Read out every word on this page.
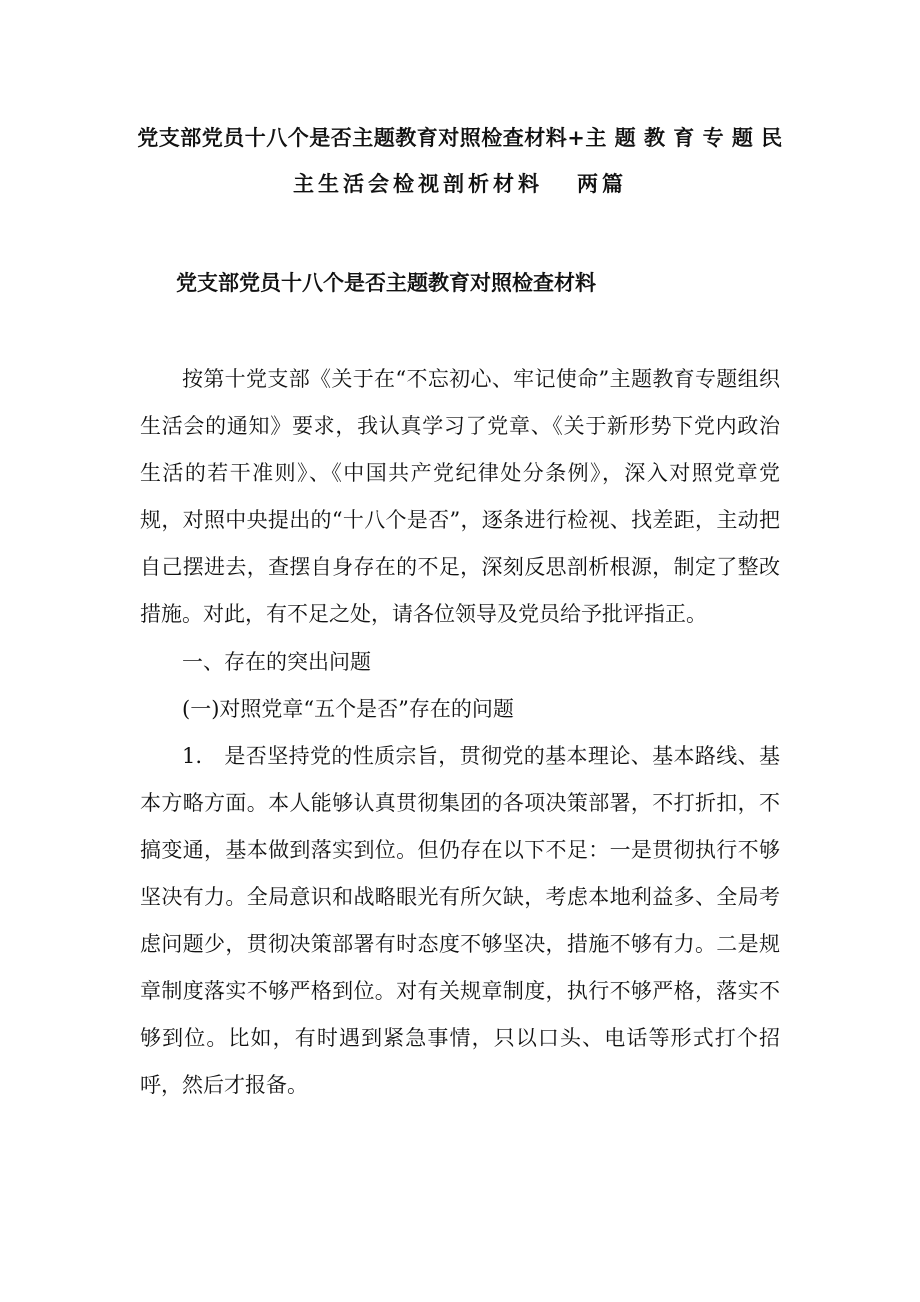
党支部党员十八个是否主题教育对照检查材料+主 题 教 育 专 题 民
主生活会检视剖析材料 两篇
党支部党员十八个是否主题教育对照检查材料

按第十党支部《关于在“不忘初心、牢记使命”主题教育专题组织生活会的通知》要求，我认真学习了党章、《关于新形势下党内政治生活的若干准则》、《中国共产党纪律处分条例》，深入对照党章党规，对照中央提出的“十八个是否”，逐条进行检视、找差距，主动把自己摆进去，查摆自身存在的不足，深刻反思剖析根源，制定了整改措施。对此，有不足之处，请各位领导及党员给予批评指正。

一、存在的突出问题

(一)对照党章“五个是否”存在的问题

1. 是否坚持党的性质宗旨，贯彻党的基本理论、基本路线、基本方略方面。本人能够认真贯彻集团的各项决策部署，不打折扣，不搞变通，基本做到落实到位。但仍存在以下不足：一是贯彻执行不够坚决有力。全局意识和战略眼光有所欠缺，考虑本地利益多、全局考虑问题少，贯彻决策部署有时态度不够坚决，措施不够有力。二是规章制度落实不够严格到位。对有关规章制度，执行不够严格，落实不够到位。比如，有时遇到紧急事情，只以口头、电话等形式打个招呼，然后才报备。
